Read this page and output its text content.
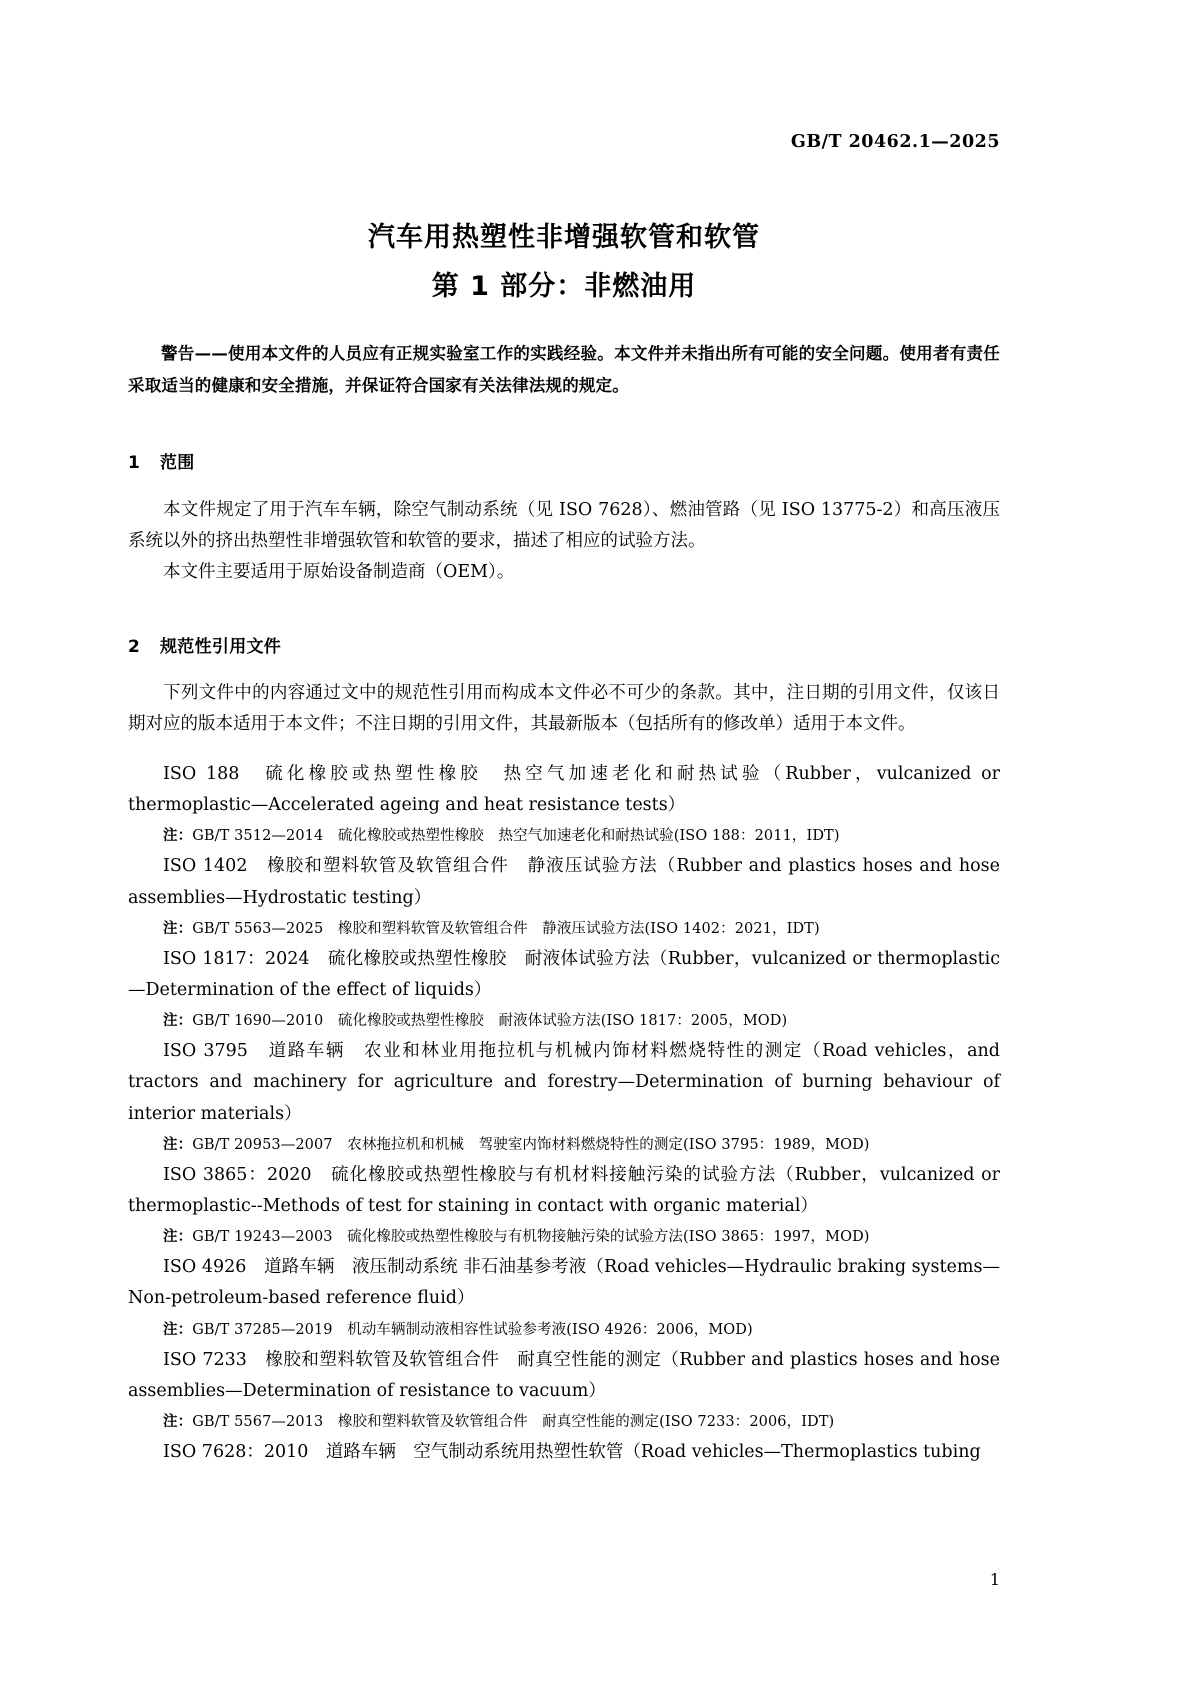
GB/T 20462.1—2025
汽车用热塑性非增强软管和软管
第 1 部分：非燃油用
警告——使用本文件的人员应有正规实验室工作的实践经验。本文件并未指出所有可能的安全问题。使用者有责任采取适当的健康和安全措施，并保证符合国家有关法律法规的规定。
1 范围

本文件规定了用于汽车车辆，除空气制动系统（见 ISO 7628）、燃油管路（见 ISO 13775-2）和高压液压系统以外的挤出热塑性非增强软管和软管的要求，描述了相应的试验方法。

本文件主要适用于原始设备制造商（OEM）。

2 规范性引用文件

下列文件中的内容通过文中的规范性引用而构成本文件必不可少的条款。其中，注日期的引用文件，仅该日期对应的版本适用于本文件；不注日期的引用文件，其最新版本（包括所有的修改单）适用于本文件。

ISO 188　硫化橡胶或热塑性橡胶　热空气加速老化和耐热试验（Rubber，vulcanized or thermoplastic—Accelerated ageing and heat resistance tests）

注：GB/T 3512—2014　硫化橡胶或热塑性橡胶　热空气加速老化和耐热试验(ISO 188：2011，IDT)

ISO 1402　橡胶和塑料软管及软管组合件　静液压试验方法（Rubber and plastics hoses and hose assemblies—Hydrostatic testing）

注：GB/T 5563—2025　橡胶和塑料软管及软管组合件　静液压试验方法(ISO 1402：2021，IDT)

ISO 1817：2024　硫化橡胶或热塑性橡胶　耐液体试验方法（Rubber，vulcanized or thermoplastic—Determination of the effect of liquids）

注：GB/T 1690—2010　硫化橡胶或热塑性橡胶　耐液体试验方法(ISO 1817：2005，MOD)

ISO 3795　道路车辆　农业和林业用拖拉机与机械内饰材料燃烧特性的测定（Road vehicles，and tractors and machinery for agriculture and forestry—Determination of burning behaviour of interior materials）

注：GB/T 20953—2007　农林拖拉机和机械　驾驶室内饰材料燃烧特性的测定(ISO 3795：1989，MOD)

ISO 3865：2020　硫化橡胶或热塑性橡胶与有机材料接触污染的试验方法（Rubber，vulcanized or thermoplastic--Methods of test for staining in contact with organic material）

注：GB/T 19243—2003　硫化橡胶或热塑性橡胶与有机物接触污染的试验方法(ISO 3865：1997，MOD)

ISO 4926　道路车辆　液压制动系统 非石油基参考液（Road vehicles—Hydraulic braking systems—Non-petroleum-based reference fluid）

注：GB/T 37285—2019　机动车辆制动液相容性试验参考液(ISO 4926：2006，MOD)

ISO 7233　橡胶和塑料软管及软管组合件　耐真空性能的测定（Rubber and plastics hoses and hose assemblies—Determination of resistance to vacuum）

注：GB/T 5567—2013　橡胶和塑料软管及软管组合件　耐真空性能的测定(ISO 7233：2006，IDT)

ISO 7628：2010　道路车辆　空气制动系统用热塑性软管（Road vehicles—Thermoplastics tubing

1
